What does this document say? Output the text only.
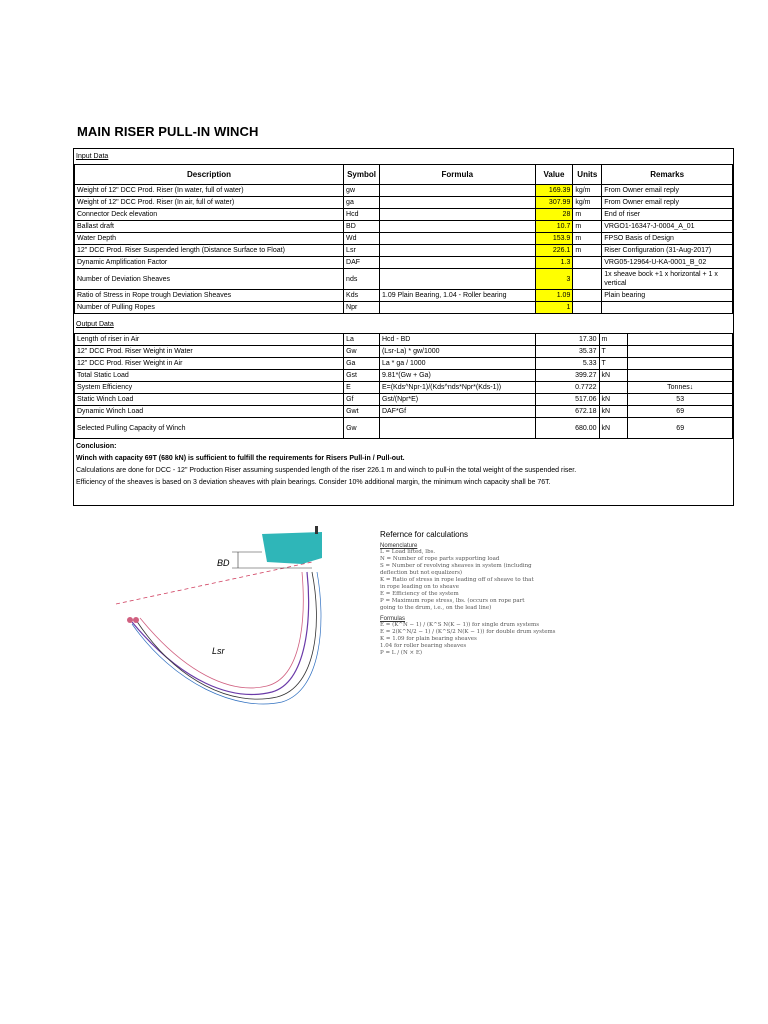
MAIN RISER PULL-IN WINCH
Input Data
Description	Symbol	Formula	Value	Units	Remarks
Weight of 12" DCC Prod. Riser (In water, full of water)	gw		169.39	kg/m	From Owner email reply
Weight of 12" DCC Prod. Riser (In air, full of water)	ga		307.99	kg/m	From Owner email reply
Connector Deck elevation	Hcd		28	m	End of riser
Ballast draft	BD		10.7	m	VRGO1-16347-J-0004_A_01
Water Depth	Wd		153.9	m	FPSO Basis of Design
12" DCC Prod. Riser Suspended length (Distance Surface to Float)	Lsr		226.1	m	Riser Configuration (31-Aug-2017)
Dynamic Amplification Factor	DAF		1.3		VRG05-12964-U-KA-0001_B_02
Number of Deviation Sheaves	nds		3		1x sheave bock +1 x horizontal + 1 x
vertical

Ratio of Stress in Rope trough Deviation Sheaves	Kds	1.09 Plain Bearing, 1.04 - Roller bearing	1.09		Plain bearing
Number of Pulling Ropes	Npr		1		
Output Data
Length of riser in Air	La	Hcd - BD	17.30	m	
12" DCC Prod. Riser Weight in Water	Gw	(Lsr-La) * gw/1000	35.37	T	
12" DCC Prod. Riser Weight in Air	Ga	La * ga / 1000	5.33	T	
Total Static Load	Gst	9.81*(Gw + Ga)	399.27	kN	
System Efficiency	E	E=(Kds^Npr-1)/(Kds^nds*Npr*(Kds-1))	0.7722		Tonnes↓
Static Winch Load	Gf	Gst/(Npr*E)	517.06	kN	53
Dynamic Winch Load	Gwt	DAF*Gf	672.18	kN	69
Selected Pulling Capacity of Winch	Gw		680.00	kN	69
Conclusion:
Winch with capacity 69T (680 kN) is sufficient to fulfill the requirements for Risers Pull-in / Pull-out.
Calculations are done for DCC - 12" Production Riser assuming suspended length of the riser 226.1 m and winch to pull-in the total weight of the suspended riser.
Efficiency of the sheaves is based on 3 deviation sheaves with plain bearings. Consider 10% additional margin, the minimum winch capacity shall be 76T.
BD
Lsr
Refernce for calculations
Nomenclature
L = Load lifted, lbs.
N = Number of rope parts supporting load
S = Number of revolving sheaves in system (including
deflection but not equalizers)
K = Ratio of stress in rope leading off of sheave to that
in rope leading on to sheave
E = Efficiency of the system
P = Maximum rope stress, lbs. (occurs on rope part
going to the drum, i.e., on the lead line)
Formulas
E = (K^N − 1) / (K^S N(K − 1)) for single drum systems
E = 2(K^N/2 − 1) / (K^S/2 N(K − 1)) for double drum systems
K = 1.09 for plain bearing sheaves
1.04 for roller bearing sheaves
P = L / (N × E)
